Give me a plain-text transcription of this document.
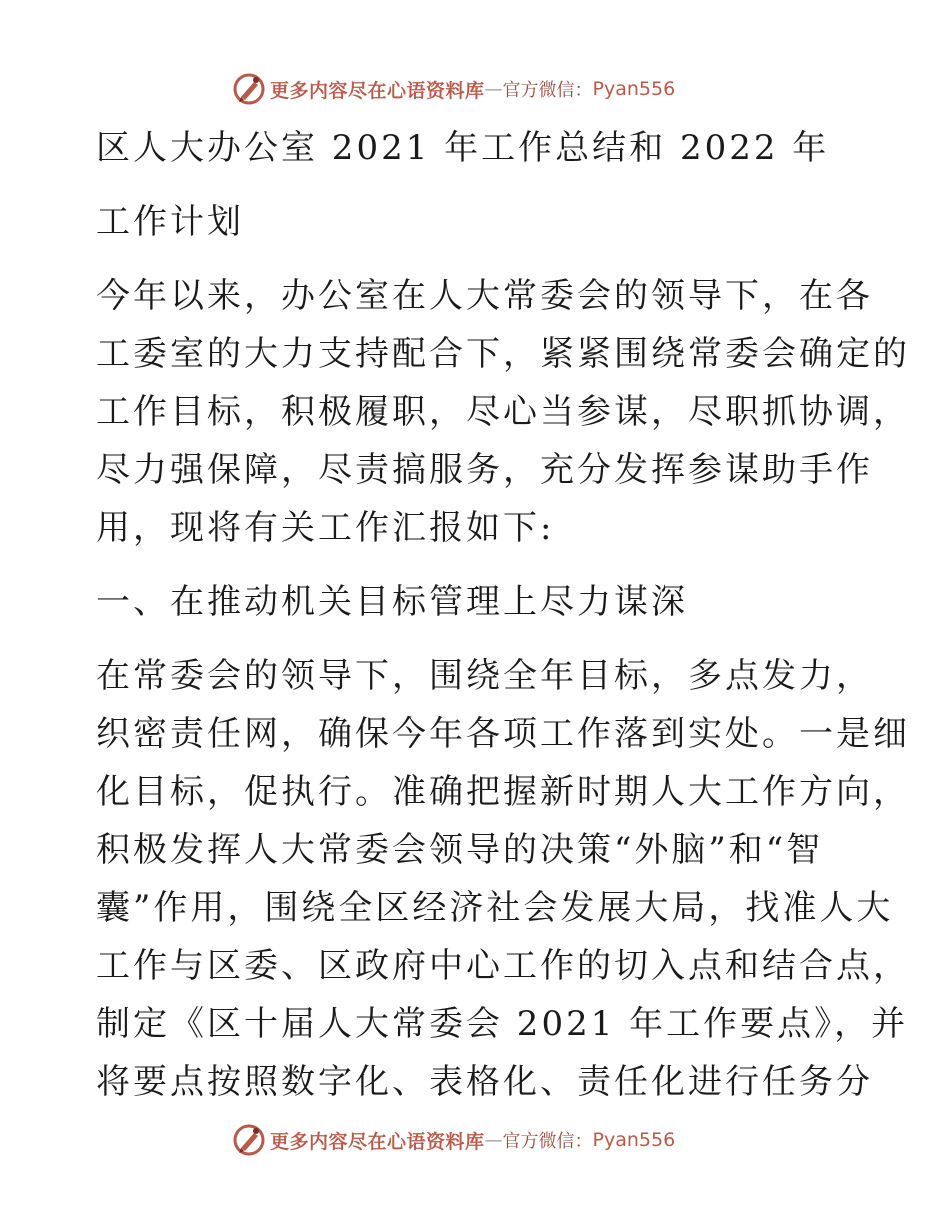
更多内容尽在心语资料库 — 官方微信： Pyan556
区人大办公室 2021 年工作总结和 2022 年
工作计划
今年以来，办公室在人大常委会的领导下，在各
工委室的大力支持配合下，紧紧围绕常委会确定的
工作目标，积极履职，尽心当参谋，尽职抓协调，
尽力强保障，尽责搞服务，充分发挥参谋助手作
用，现将有关工作汇报如下:
一、在推动机关目标管理上尽力谋深
在常委会的领导下，围绕全年目标，多点发力，
织密责任网，确保今年各项工作落到实处。一是细
化目标，促执行。准确把握新时期人大工作方向，
积极发挥人大常委会领导的决策“外脑”和“智
囊”作用，围绕全区经济社会发展大局，找准人大
工作与区委、区政府中心工作的切入点和结合点，
制定《区十届人大常委会 2021 年工作要点》，并
将要点按照数字化、表格化、责任化进行任务分
更多内容尽在心语资料库 — 官方微信： Pyan556
